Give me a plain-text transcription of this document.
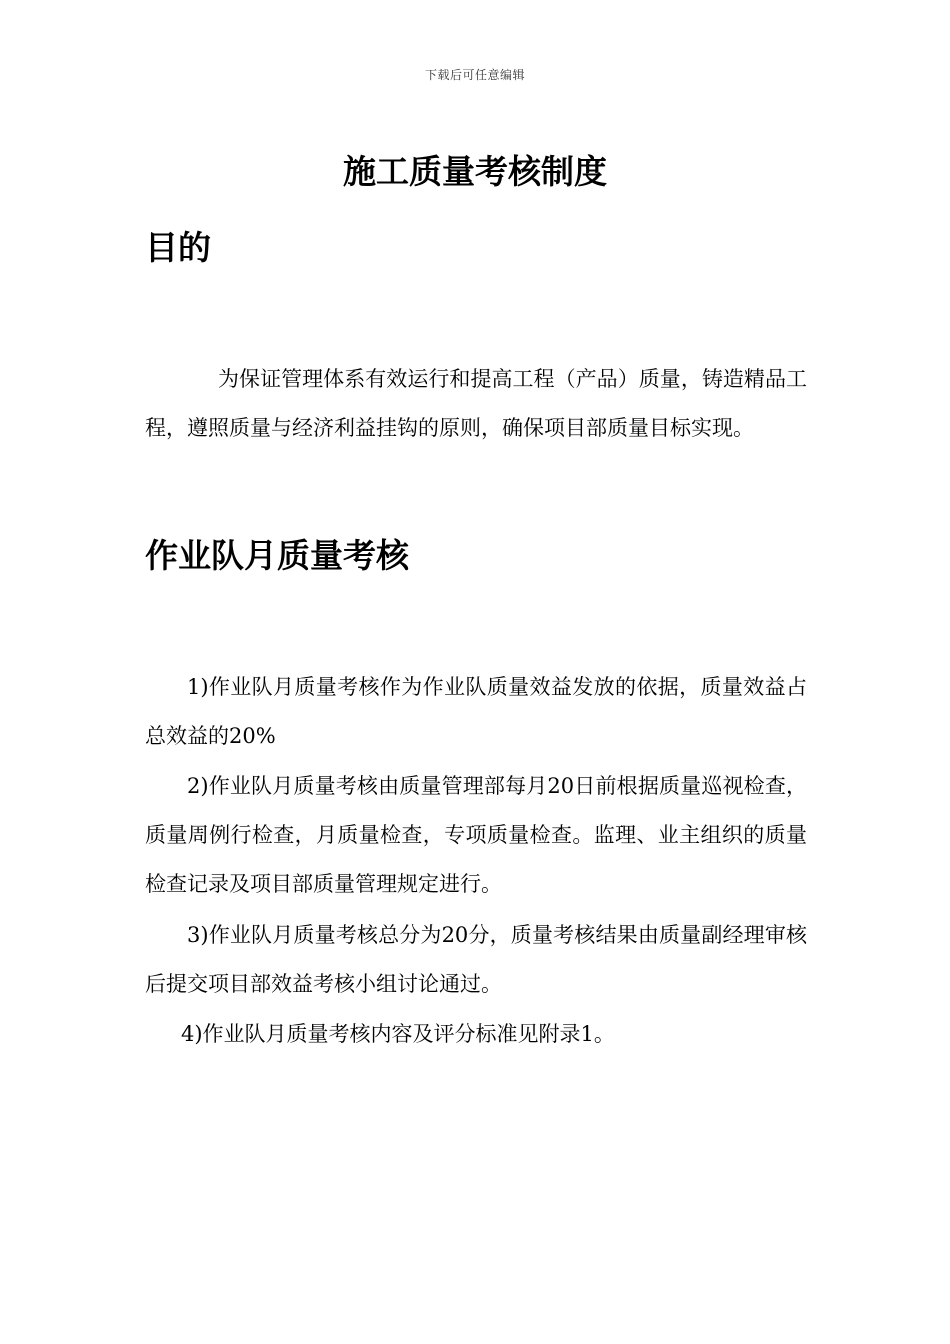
下载后可任意编辑
施工质量考核制度
目的

为保证管理体系有效运行和提高工程（产品）质量，铸造精品工程，遵照质量与经济利益挂钩的原则，确保项目部质量目标实现。

作业队月质量考核

1)作业队月质量考核作为作业队质量效益发放的依据，质量效益占总效益的20%

2)作业队月质量考核由质量管理部每月20日前根据质量巡视检查，质量周例行检查，月质量检查，专项质量检查。监理、业主组织的质量检查记录及项目部质量管理规定进行。

3)作业队月质量考核总分为20分，质量考核结果由质量副经理审核后提交项目部效益考核小组讨论通过。

4)作业队月质量考核内容及评分标准见附录1。
